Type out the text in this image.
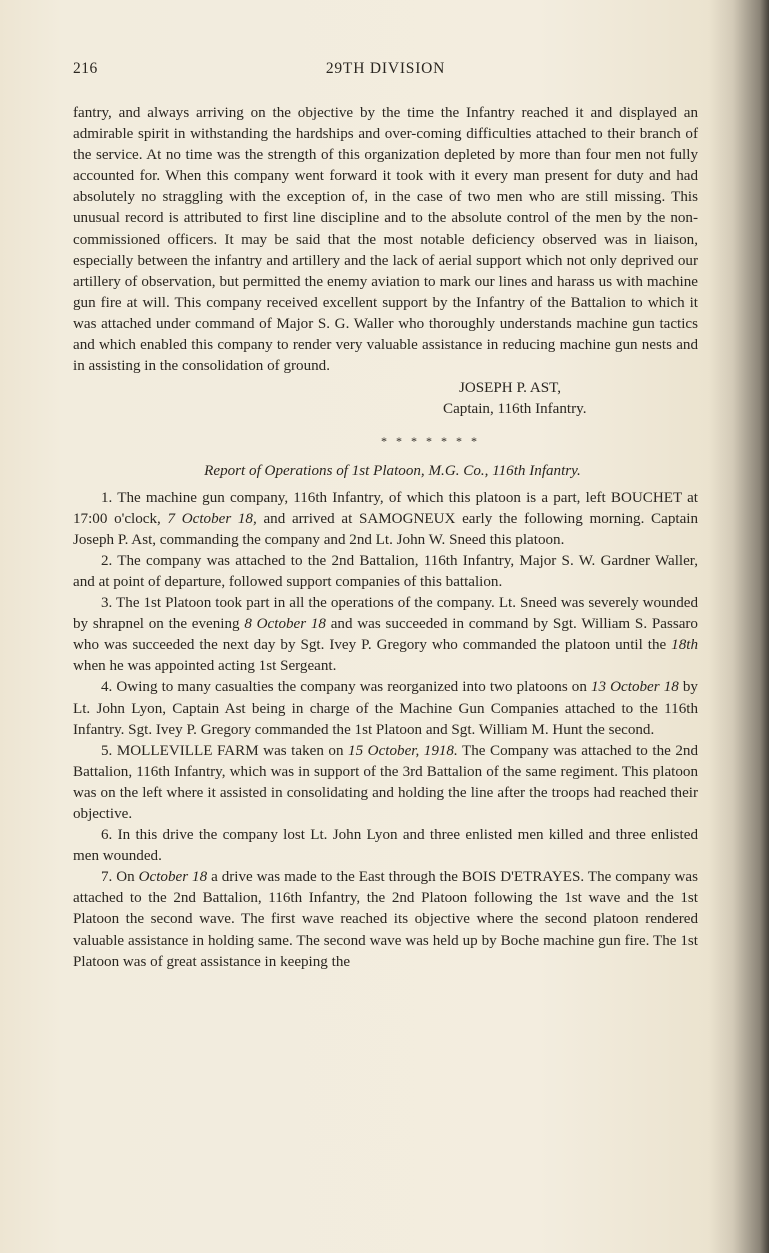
216	29TH DIVISION

fantry, and always arriving on the objective by the time the Infantry reached it and displayed an admirable spirit in withstanding the hardships and over-coming difficulties attached to their branch of the service. At no time was the strength of this organization depleted by more than four men not fully accounted for. When this company went forward it took with it every man present for duty and had absolutely no straggling with the exception of, in the case of two men who are still missing. This unusual record is attributed to first line discipline and to the absolute control of the men by the non-commissioned officers. It may be said that the most notable deficiency observed was in liaison, especially between the infantry and artillery and the lack of aerial support which not only deprived our artillery of observation, but permitted the enemy aviation to mark our lines and harass us with machine gun fire at will. This company received excellent support by the Infantry of the Battalion to which it was attached under command of Major S. G. Waller who thoroughly understands machine gun tactics and which enabled this company to render very valuable assistance in reducing machine gun nests and in assisting in the consolidation of ground.

JOSEPH P. AST,
Captain, 116th Infantry.
* * * * * * *
Report of Operations of 1st Platoon, M.G. Co., 116th Infantry.

1. The machine gun company, 116th Infantry, of which this platoon is a part, left BOUCHET at 17:00 o'clock, 7 October 18, and arrived at SAMOGNEUX early the following morning. Captain Joseph P. Ast, commanding the company and 2nd Lt. John W. Sneed this platoon.

2. The company was attached to the 2nd Battalion, 116th Infantry, Major S. W. Gardner Waller, and at point of departure, followed support companies of this battalion.

3. The 1st Platoon took part in all the operations of the company. Lt. Sneed was severely wounded by shrapnel on the evening 8 October 18 and was succeeded in command by Sgt. William S. Passaro who was succeeded the next day by Sgt. Ivey P. Gregory who commanded the platoon until the 18th when he was appointed acting 1st Sergeant.

4. Owing to many casualties the company was reorganized into two platoons on 13 October 18 by Lt. John Lyon, Captain Ast being in charge of the Machine Gun Companies attached to the 116th Infantry. Sgt. Ivey P. Gregory commanded the 1st Platoon and Sgt. William M. Hunt the second.

5. MOLLEVILLE FARM was taken on 15 October, 1918. The Company was attached to the 2nd Battalion, 116th Infantry, which was in support of the 3rd Battalion of the same regiment. This platoon was on the left where it assisted in consolidating and holding the line after the troops had reached their objective.

6. In this drive the company lost Lt. John Lyon and three enlisted men killed and three enlisted men wounded.

7. On October 18 a drive was made to the East through the BOIS D'ETRAYES. The company was attached to the 2nd Battalion, 116th Infantry, the 2nd Platoon following the 1st wave and the 1st Platoon the second wave. The first wave reached its objective where the second platoon rendered valuable assistance in holding same. The second wave was held up by Boche machine gun fire. The 1st Platoon was of great assistance in keeping the
